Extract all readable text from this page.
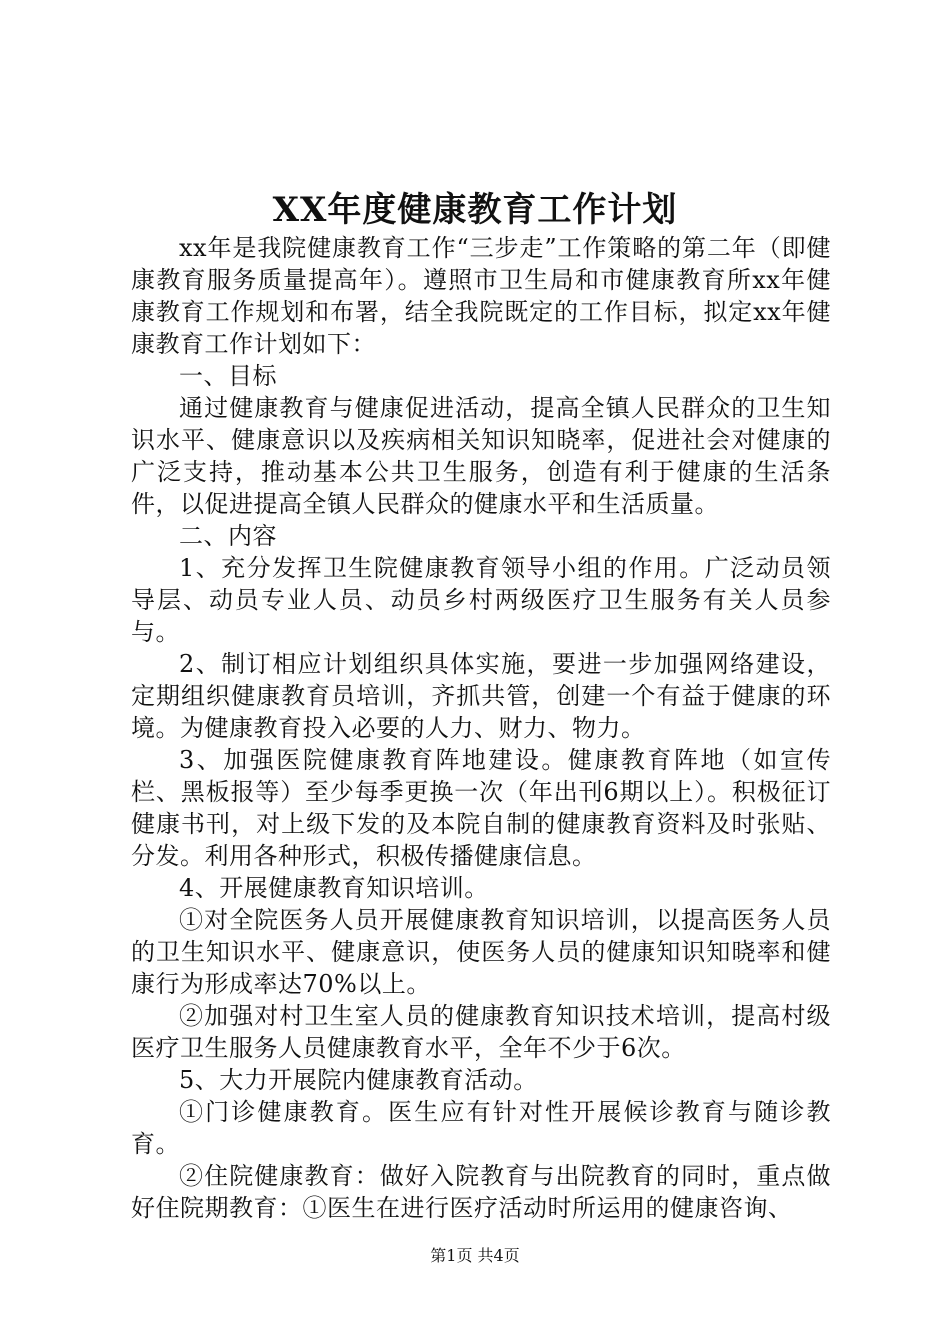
XX年度健康教育工作计划

xx年是我院健康教育工作“三步走”工作策略的第二年（即健康教育服务质量提高年）。遵照市卫生局和市健康教育所xx年健康教育工作规划和布署，结全我院既定的工作目标，拟定xx年健康教育工作计划如下：

一、目标

通过健康教育与健康促进活动，提高全镇人民群众的卫生知识水平、健康意识以及疾病相关知识知晓率，促进社会对健康的广泛支持，推动基本公共卫生服务，创造有利于健康的生活条件，以促进提高全镇人民群众的健康水平和生活质量。

二、内容

1、充分发挥卫生院健康教育领导小组的作用。广泛动员领导层、动员专业人员、动员乡村两级医疗卫生服务有关人员参与。

2、制订相应计划组织具体实施，要进一步加强网络建设，定期组织健康教育员培训，齐抓共管，创建一个有益于健康的环境。为健康教育投入必要的人力、财力、物力。

3、加强医院健康教育阵地建设。健康教育阵地（如宣传栏、黑板报等）至少每季更换一次（年出刊6期以上）。积极征订健康书刊，对上级下发的及本院自制的健康教育资料及时张贴、分发。利用各种形式，积极传播健康信息。

4、开展健康教育知识培训。

①对全院医务人员开展健康教育知识培训，以提高医务人员的卫生知识水平、健康意识，使医务人员的健康知识知晓率和健康行为形成率达70%以上。

②加强对村卫生室人员的健康教育知识技术培训，提高村级医疗卫生服务人员健康教育水平，全年不少于6次。

5、大力开展院内健康教育活动。

①门诊健康教育。医生应有针对性开展候诊教育与随诊教育。

②住院健康教育：做好入院教育与出院教育的同时，重点做好住院期教育：①医生在进行医疗活动时所运用的健康咨询、

第1页 共4页
